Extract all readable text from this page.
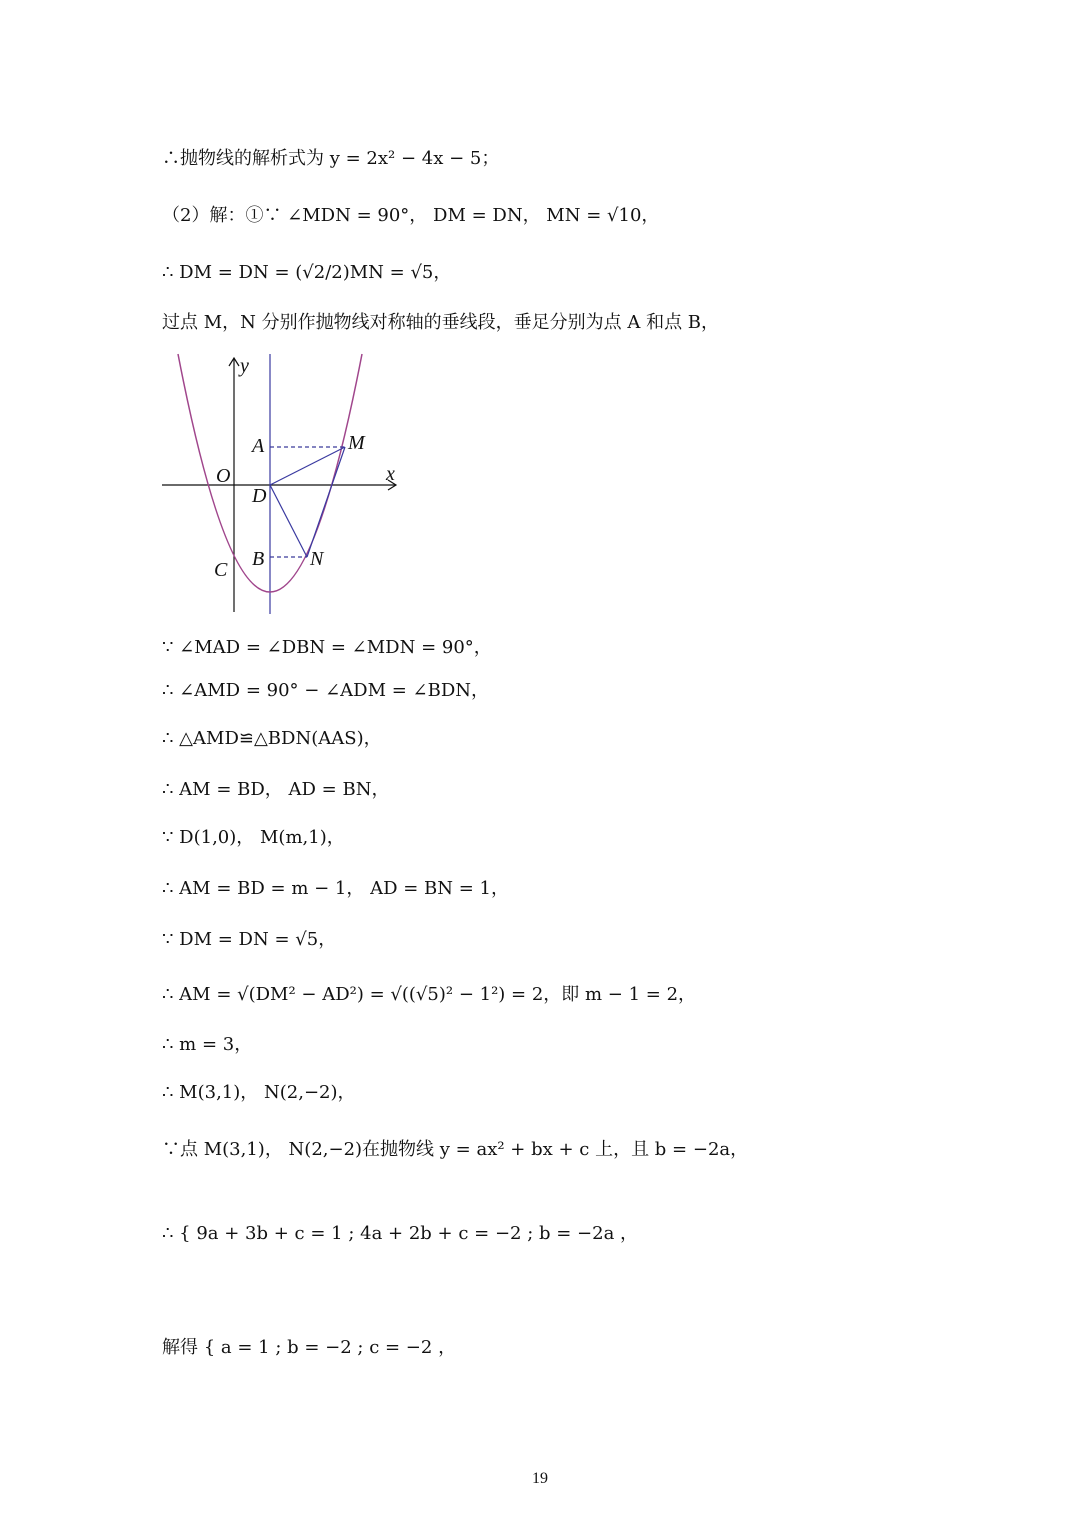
∴抛物线的解析式为 y = 2x² − 4x − 5；
（2）解：①∵ ∠MDN = 90°， DM = DN， MN = √10，
∴ DM = DN = (√2/2)MN = √5，
过点 M，N 分别作抛物线对称轴的垂线段，垂足分别为点 A 和点 B，
y
x
A	M
O
D
B N
C
∵ ∠MAD = ∠DBN = ∠MDN = 90°，
∴ ∠AMD = 90° − ∠ADM = ∠BDN，
∴ △AMD≌△BDN(AAS)，
∴ AM = BD， AD = BN，
∵ D(1,0)， M(m,1)，
∴ AM = BD = m − 1， AD = BN = 1，
∵ DM = DN = √5，
∴ AM = √(DM² − AD²) = √((√5)² − 1²) = 2，即 m − 1 = 2，
∴ m = 3，
∴ M(3,1)， N(2,−2)，
∵点 M(3,1)， N(2,−2)在抛物线 y = ax² + bx + c 上，且 b = −2a，
∴ { 9a + 3b + c = 1 ; 4a + 2b + c = −2 ; b = −2a ，
解得 { a = 1 ; b = −2 ; c = −2 ，
19
